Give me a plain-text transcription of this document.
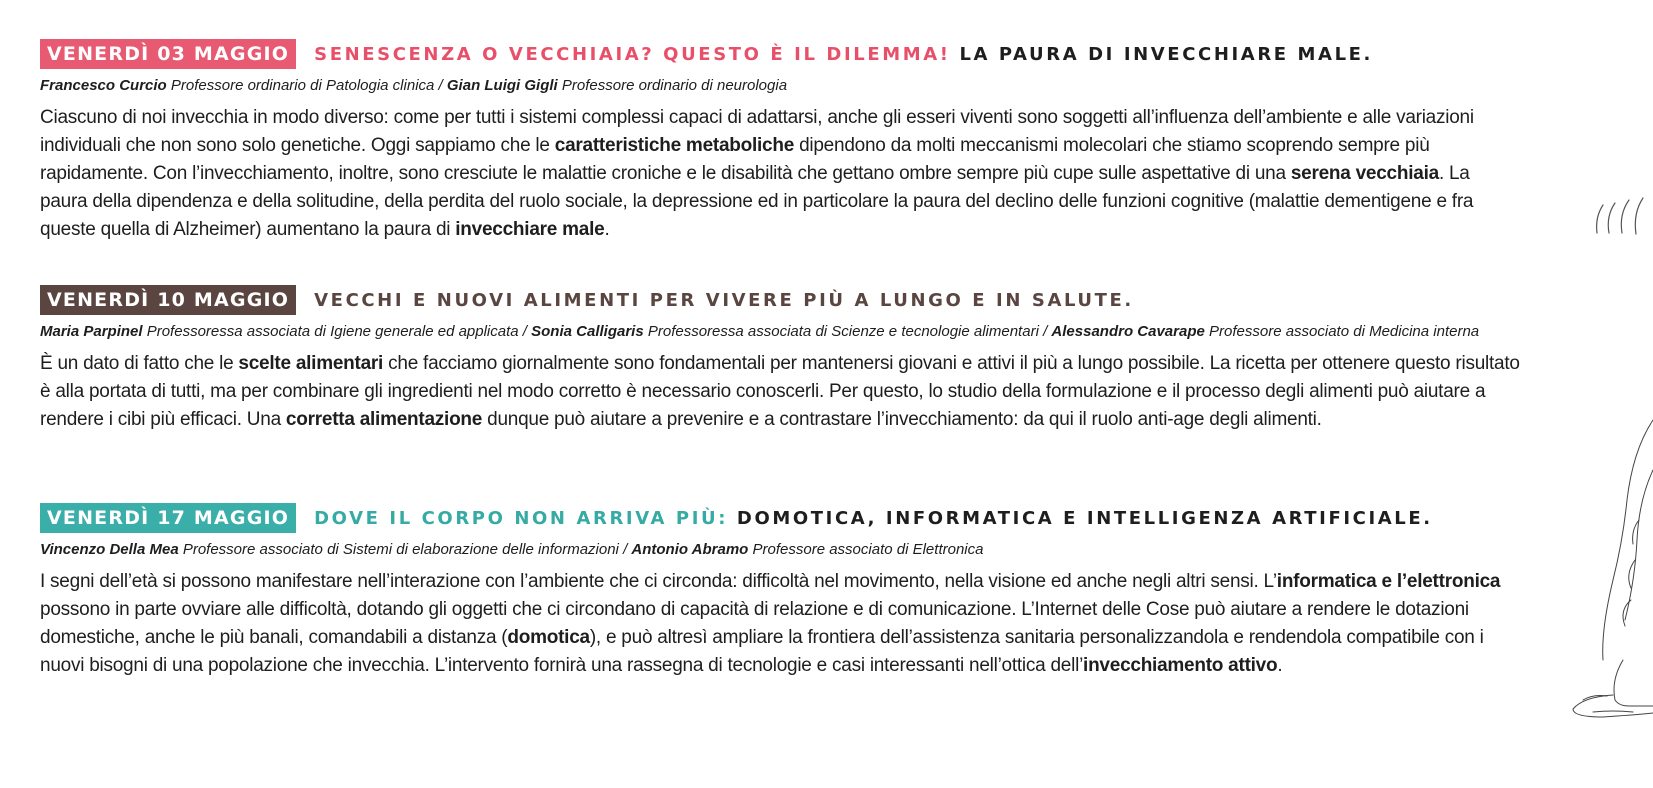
VENERDÌ 03 MAGGIO	SENESCENZA O VECCHIAIA? QUESTO È IL DILEMMA! LA PAURA DI INVECCHIARE MALE.
Francesco Curcio Professore ordinario di Patologia clinica / Gian Luigi Gigli Professore ordinario di neurologia

Ciascuno di noi invecchia in modo diverso: come per tutti i sistemi complessi capaci di adattarsi, anche gli esseri viventi sono soggetti all’influenza dell’ambiente e alle variazioni individuali che non sono solo genetiche. Oggi sappiamo che le caratteristiche metaboliche dipendono da molti meccanismi molecolari che stiamo scoprendo sempre più rapidamente. Con l’invecchiamento, inoltre, sono cresciute le malattie croniche e le disabilità che gettano ombre sempre più cupe sulle aspettative di una serena vecchiaia. La paura della dipendenza e della solitudine, della perdita del ruolo sociale, la depressione ed in particolare la paura del declino delle funzioni cognitive (malattie dementigene e fra queste quella di Alzheimer) aumentano la paura di invecchiare male.

VENERDÌ 10 MAGGIO	VECCHI E NUOVI ALIMENTI PER VIVERE PIÙ A LUNGO E IN SALUTE.
Maria Parpinel Professoressa associata di Igiene generale ed applicata / Sonia Calligaris Professoressa associata di Scienze e tecnologie alimentari / Alessandro Cavarape Professore associato di Medicina interna

È un dato di fatto che le scelte alimentari che facciamo giornalmente sono fondamentali per mantenersi giovani e attivi il più a lungo possibile. La ricetta per ottenere questo risultato è alla portata di tutti, ma per combinare gli ingredienti nel modo corretto è necessario conoscerli. Per questo, lo studio della formulazione e il processo degli alimenti può aiutare a rendere i cibi più efficaci. Una corretta alimentazione dunque può aiutare a prevenire e a contrastare l’invecchiamento: da qui il ruolo anti-age degli alimenti.

VENERDÌ 17 MAGGIO	DOVE IL CORPO NON ARRIVA PIÙ: DOMOTICA, INFORMATICA E INTELLIGENZA ARTIFICIALE.
Vincenzo Della Mea Professore associato di Sistemi di elaborazione delle informazioni / Antonio Abramo Professore associato di Elettronica

I segni dell’età si possono manifestare nell’interazione con l’ambiente che ci circonda: difficoltà nel movimento, nella visione ed anche negli altri sensi. L’informatica e l’elettronica possono in parte ovviare alle difficoltà, dotando gli oggetti che ci circondano di capacità di relazione e di comunicazione. L’Internet delle Cose può aiutare a rendere le dotazioni domestiche, anche le più banali, comandabili a distanza (domotica), e può altresì ampliare la frontiera dell’assistenza sanitaria personalizzandola e rendendola compatibile con i nuovi bisogni di una popolazione che invecchia. L’intervento fornirà una rassegna di tecnologie e casi interessanti nell’ottica dell’invecchiamento attivo.
